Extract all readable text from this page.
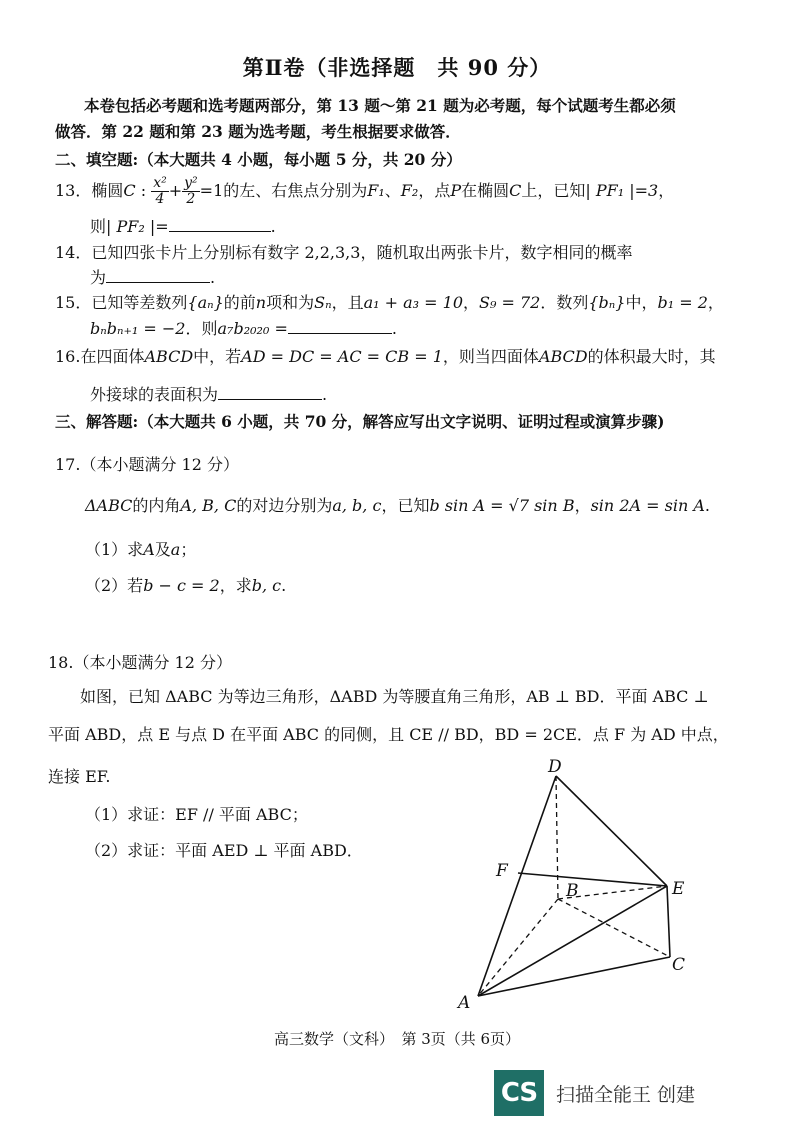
第Ⅱ卷（非选择题　共 90 分）
本卷包括必考题和选考题两部分，第 13 题～第 21 题为必考题，每个试题考生都必须
做答．第 22 题和第 23 题为选考题，考生根据要求做答．
二、填空题:（本大题共 4 小题，每小题 5 分，共 20 分）
13．椭圆C : $\frac{\text{x²}}{4} + \frac{\text{y²}}{2} =1$的左、右焦点分别为F₁、F₂，点P在椭圆C上，已知| PF₁ |=3，
则| PF₂ |=	.
14．已知四张卡片上分别标有数字 2,2,3,3，随机取出两张卡片，数字相同的概率
为	.
15．已知等差数列{aₙ}的前n项和为Sₙ，且a₁ + a₃ = 10，S₉ = 72．数列{bₙ}中，b₁ = 2，
bₙbₙ₊₁ = −2．则a₇b₂₀₂₀ =	.
16.在四面体ABCD中，若AD = DC = AC = CB = 1，则当四面体ABCD的体积最大时，其
外接球的表面积为	.
三、解答题:（本大题共 6 小题，共 70 分，解答应写出文字说明、证明过程或演算步骤)
17.（本小题满分 12 分）
ΔABC的内角A, B, C的对边分别为a, b, c，已知b sin A = √7 sin B，sin 2A = sin A.
（1）求A及a；
（2）若b − c = 2，求b, c.
18.（本小题满分 12 分）
如图，已知 ΔABC 为等边三角形，ΔABD 为等腰直角三角形，AB ⊥ BD．平面 ABC ⊥
平面 ABD，点 E 与点 D 在平面 ABC 的同侧，且 CE // BD，BD = 2CE．点 F 为 AD 中点，
连接 EF.
（1）求证：EF // 平面 ABC；
（2）求证：平面 AED ⊥ 平面 ABD．
D
F
B	E
C
A
高三数学（文科）　第 3页（共 6页）
CS 扫描全能王 创建
